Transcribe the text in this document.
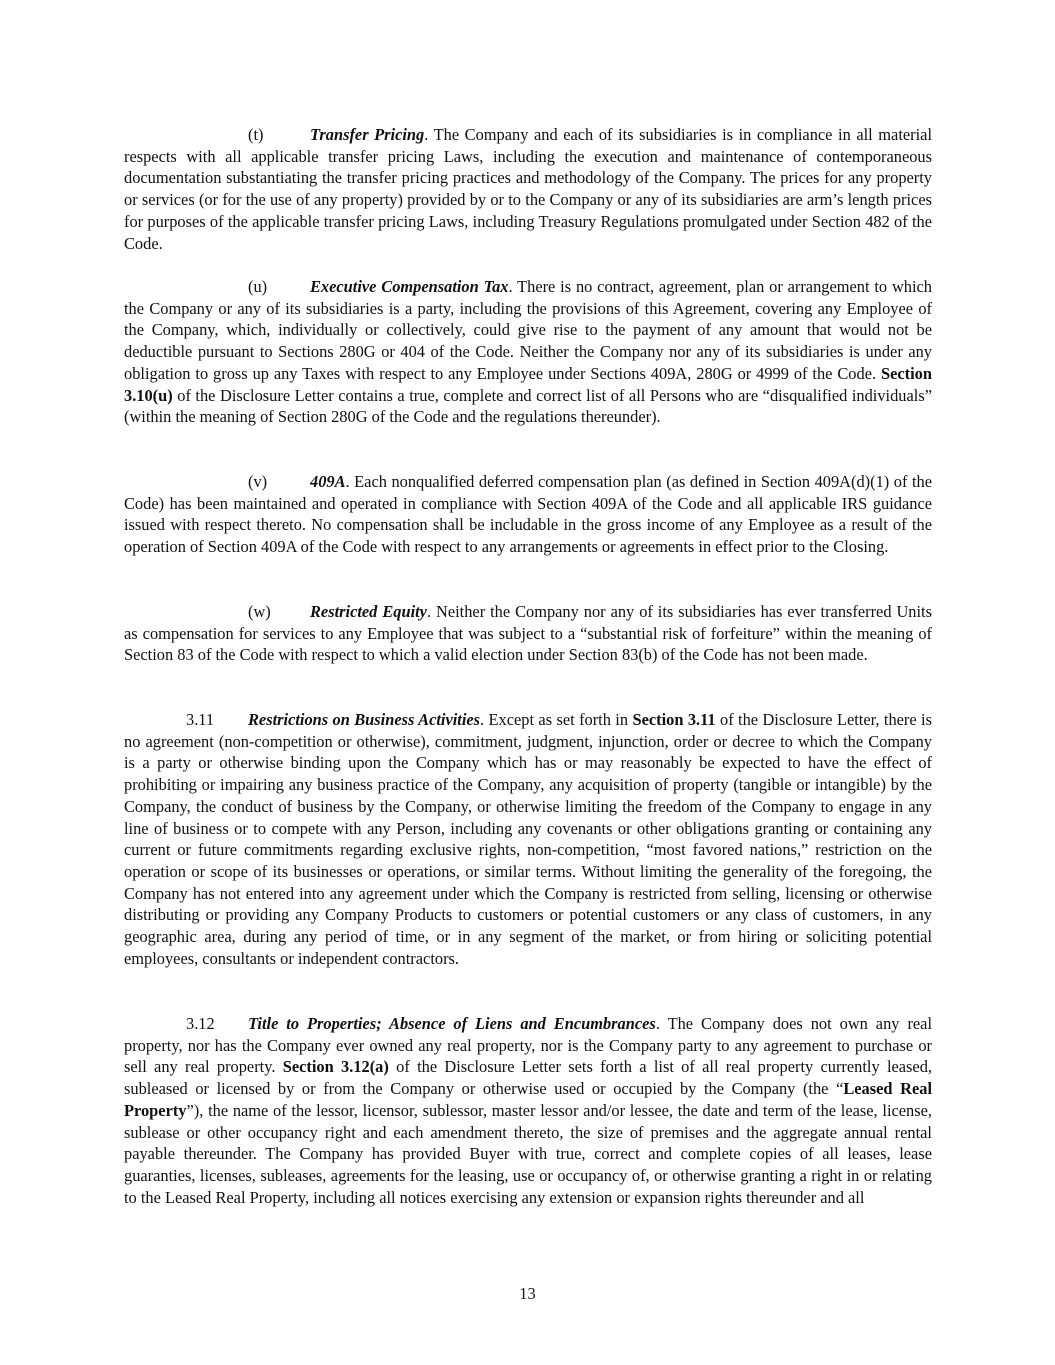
(t)	Transfer Pricing. The Company and each of its subsidiaries is in compliance in all material respects with all applicable transfer pricing Laws, including the execution and maintenance of contemporaneous documentation substantiating the transfer pricing practices and methodology of the Company. The prices for any property or services (or for the use of any property) provided by or to the Company or any of its subsidiaries are arm’s length prices for purposes of the applicable transfer pricing Laws, including Treasury Regulations promulgated under Section 482 of the Code.

(u)	Executive Compensation Tax. There is no contract, agreement, plan or arrangement to which the Company or any of its subsidiaries is a party, including the provisions of this Agreement, covering any Employee of the Company, which, individually or collectively, could give rise to the payment of any amount that would not be deductible pursuant to Sections 280G or 404 of the Code. Neither the Company nor any of its subsidiaries is under any obligation to gross up any Taxes with respect to any Employee under Sections 409A, 280G or 4999 of the Code. Section 3.10(u) of the Disclosure Letter contains a true, complete and correct list of all Persons who are “disqualified individuals” (within the meaning of Section 280G of the Code and the regulations thereunder).

(v)	409A. Each nonqualified deferred compensation plan (as defined in Section 409A(d)(1) of the Code) has been maintained and operated in compliance with Section 409A of the Code and all applicable IRS guidance issued with respect thereto. No compensation shall be includable in the gross income of any Employee as a result of the operation of Section 409A of the Code with respect to any arrangements or agreements in effect prior to the Closing.

(w) Restricted Equity. Neither the Company nor any of its subsidiaries has ever transferred Units as compensation for services to any Employee that was subject to a “substantial risk of forfeiture” within the meaning of Section 83 of the Code with respect to which a valid election under Section 83(b) of the Code has not been made.

3.11 Restrictions on Business Activities. Except as set forth in Section 3.11 of the Disclosure Letter, there is no agreement (non-competition or otherwise), commitment, judgment, injunction, order or decree to which the Company is a party or otherwise binding upon the Company which has or may reasonably be expected to have the effect of prohibiting or impairing any business practice of the Company, any acquisition of property (tangible or intangible) by the Company, the conduct of business by the Company, or otherwise limiting the freedom of the Company to engage in any line of business or to compete with any Person, including any covenants or other obligations granting or containing any current or future commitments regarding exclusive rights, non-competition, “most favored nations,” restriction on the operation or scope of its businesses or operations, or similar terms. Without limiting the generality of the foregoing, the Company has not entered into any agreement under which the Company is restricted from selling, licensing or otherwise distributing or providing any Company Products to customers or potential customers or any class of customers, in any geographic area, during any period of time, or in any segment of the market, or from hiring or soliciting potential employees, consultants or independent contractors.

3.12 Title to Properties; Absence of Liens and Encumbrances. The Company does not own any real property, nor has the Company ever owned any real property, nor is the Company party to any agreement to purchase or sell any real property. Section 3.12(a) of the Disclosure Letter sets forth a list of all real property currently leased, subleased or licensed by or from the Company or otherwise used or occupied by the Company (the “Leased Real Property”), the name of the lessor, licensor, sublessor, master lessor and/or lessee, the date and term of the lease, license, sublease or other occupancy right and each amendment thereto, the size of premises and the aggregate annual rental payable thereunder. The Company has provided Buyer with true, correct and complete copies of all leases, lease guaranties, licenses, subleases, agreements for the leasing, use or occupancy of, or otherwise granting a right in or relating to the Leased Real Property, including all notices exercising any extension or expansion rights thereunder and all

13
